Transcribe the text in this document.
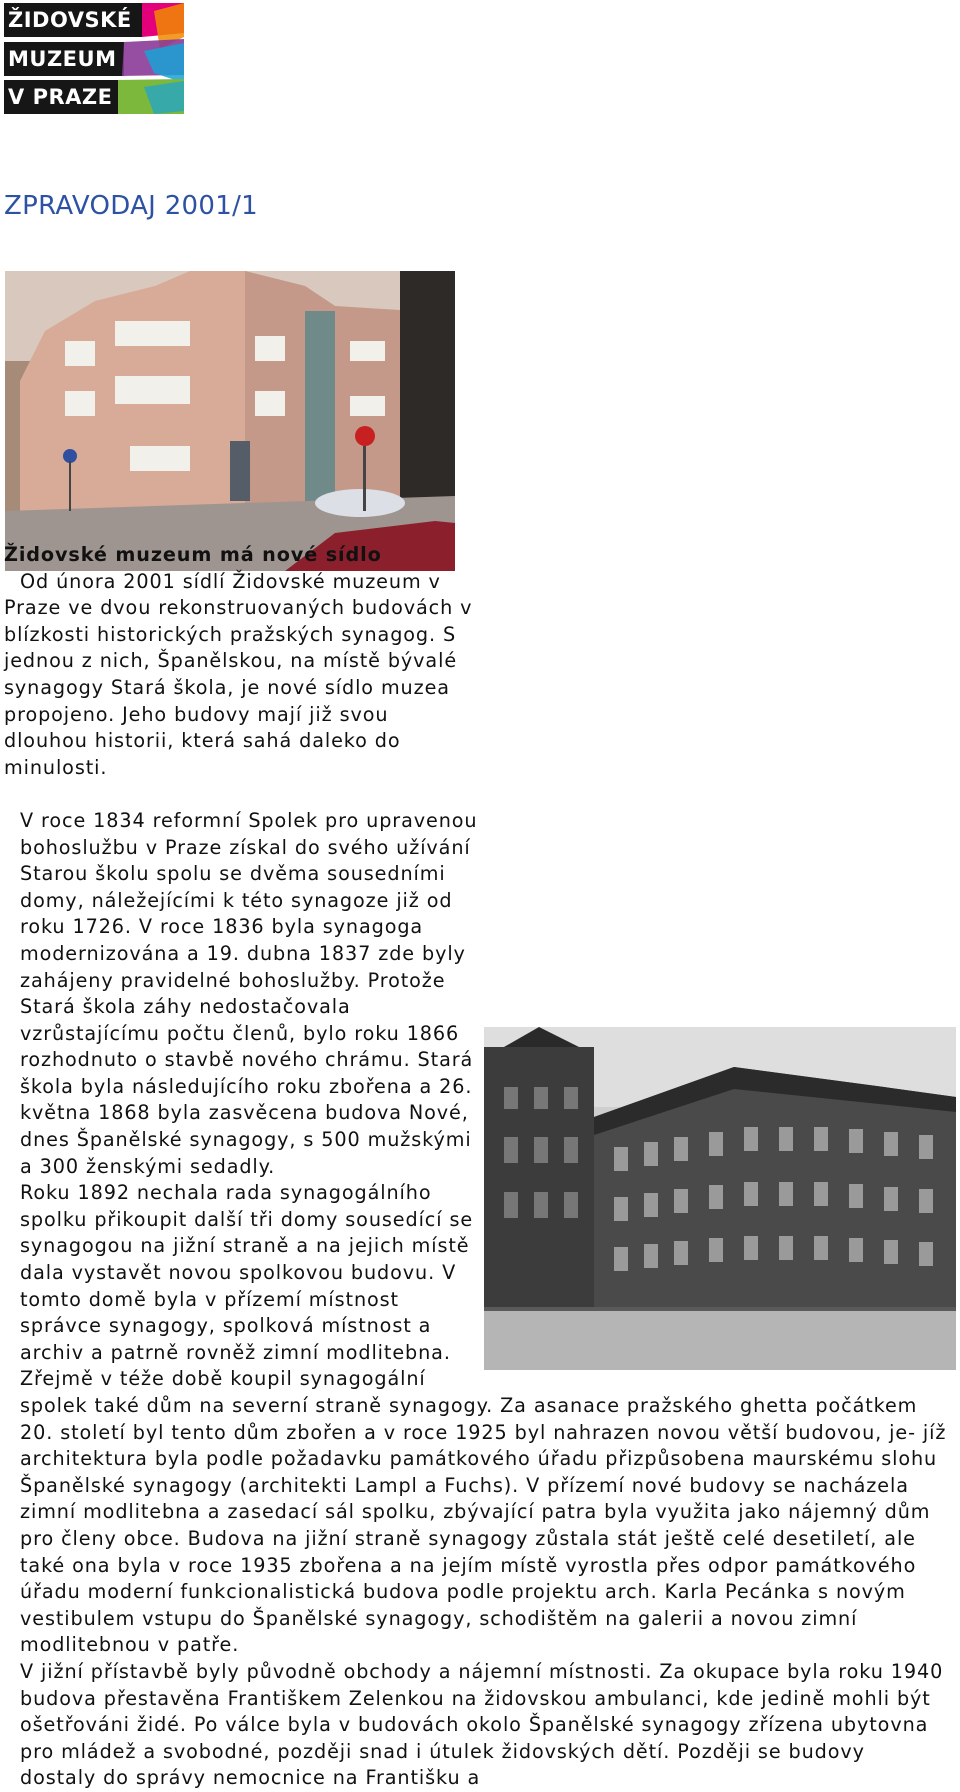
ŽIDOVSKÉ
MUZEUM
V PRAZE
ZPRAVODAJ 2001/1

Židovské muzeum má nové sídlo
Od února 2001 sídlí Židovské muzeum v Praze ve dvou rekonstruovaných budovách v blízkosti historických pražských synagog. S jednou z nich, Španělskou, na místě bývalé synagogy Stará škola, je nové sídlo muzea propojeno. Jeho budovy mají již svou dlouhou historii, která sahá daleko do minulosti.

V roce 1834 reformní Spolek pro upravenou bohoslužbu v Praze získal do svého užívání Starou školu spolu se dvěma sousedními domy, náležejícími k této synagoze již od roku 1726. V roce 1836 byla synagoga modernizována a 19. dubna 1837 zde byly zahájeny pravidelné bohoslužby. Protože Stará škola záhy nedostačovala vzrůstajícímu počtu členů, bylo roku 1866 rozhodnuto o stavbě nového chrámu. Stará škola byla následujícího roku zbořena a 26. května 1868 byla zasvěcena budova Nové, dnes Španělské synagogy, s 500 mužskými a 300 ženskými sedadly.

Roku 1892 nechala rada synagogálního spolku přikoupit další tři domy sousedící se synagogou na jižní straně a na jejich místě dala vystavět novou spolkovou budovu. V tomto domě byla v přízemí místnost správce synagogy, spolková místnost a archiv a patrně rovněž zimní modlitebna. Zřejmě v téže době koupil synagogální spolek také dům na severní straně synagogy. Za asanace pražského ghetta počátkem 20. století byl tento dům zbořen a v roce 1925 byl nahrazen novou větší budovou, je- jíž architektura byla podle požadavku památkového úřadu přizpůsobena maurskému slohu Španělské synagogy (architekti Lampl a Fuchs). V přízemí nové budovy se nacházela zimní modlitebna a zasedací sál spolku, zbývající patra byla využita jako nájemný dům pro členy obce. Budova na jižní straně synagogy zůstala stát ještě celé desetiletí, ale také ona byla v roce 1935 zbořena a na jejím místě vyrostla přes odpor památkového úřadu moderní funkcionalistická budova podle projektu arch. Karla Pecánka s novým vestibulem vstupu do Španělské synagogy, schodištěm na galerii a novou zimní modlitebnou v patře.

V jižní přístavbě byly původně obchody a nájemní místnosti. Za okupace byla roku 1940 budova přestavěna Františkem Zelenkou na židovskou ambulanci, kde jedině mohli být ošetřováni židé. Po válce byla v budovách okolo Španělské synagogy zřízena ubytovna pro mládež a svobodné, později snad i útulek židovských dětí. Později se budovy dostaly do správy nemocnice na Františku a
